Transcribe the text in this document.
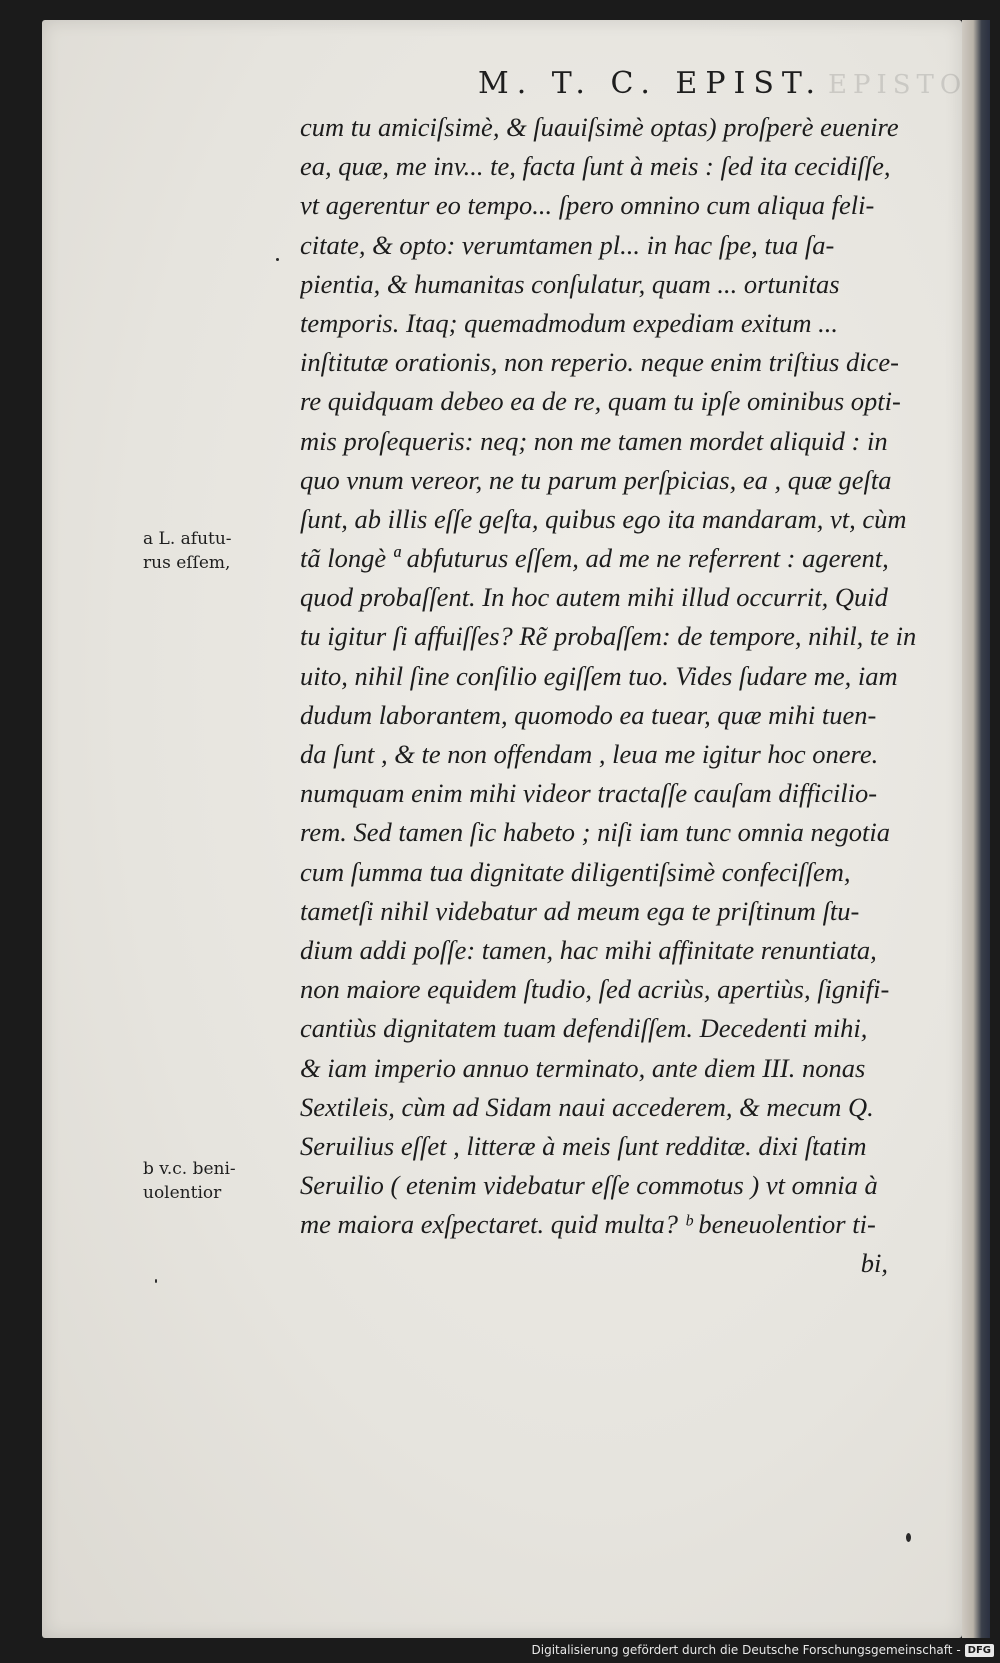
EPISTO
M. T. C. EPIST.
cum tu amiciſsimè, & ſuauiſsimè optas) proſperè euenire
ea, quæ, me inv... te, facta ſunt à meis : ſed ita cecidiſſe,
vt agerentur eo tempo... ſpero omnino cum aliqua feli-
citate, & opto: verumtamen pl... in hac ſpe, tua ſa-
pientia, & humanitas conſulatur, quam ... ortunitas
temporis. Itaq; quemadmodum expediam exitum ...
inſtitutæ orationis, non reperio. neque enim triſtius dice-
re quidquam debeo ea de re, quam tu ipſe ominibus opti-
mis proſequeris: neq; non me tamen mordet aliquid : in
quo vnum vereor, ne tu parum perſpicias, ea , quæ geſta
ſunt, ab illis eſſe geſta, quibus ego ita mandaram, vt, cùm
tã longè ª abfuturus eſſem, ad me ne referrent : agerent,
quod probaſſent. In hoc autem mihi illud occurrit, Quid
tu igitur ſi affuiſſes? Rẽ probaſſem: de tempore, nihil, te in
uito, nihil ſine conſilio egiſſem tuo. Vides ſudare me, iam
dudum laborantem, quomodo ea tuear, quæ mihi tuen-
da ſunt , & te non offendam , leua me igitur hoc onere.
numquam enim mihi videor tractaſſe cauſam difficilio-
rem. Sed tamen ſic habeto ; niſi iam tunc omnia negotia
cum ſumma tua dignitate diligentiſsimè confeciſſem,
tametſi nihil videbatur ad meum ega te priſtinum ſtu-
dium addi poſſe: tamen, hac mihi affinitate renuntiata,
non maiore equidem ſtudio, ſed acriùs, apertiùs, ſignifi-
cantiùs dignitatem tuam defendiſſem. Decedenti mihi,
& iam imperio annuo terminato, ante diem III. nonas
Sextileis, cùm ad Sidam naui accederem, & mecum Q.
Seruilius eſſet , litteræ à meis ſunt redditæ. dixi ſtatim
Seruilio ( etenim videbatur eſſe commotus ) vt omnia à
me maiora exſpectaret. quid multa? ᵇ beneuolentior ti-
bi,
a L. afutu-
rus eſſem,
b v.c. beni-
uolentior
Digitalisierung gefördert durch die Deutsche Forschungsgemeinschaft - DFG
